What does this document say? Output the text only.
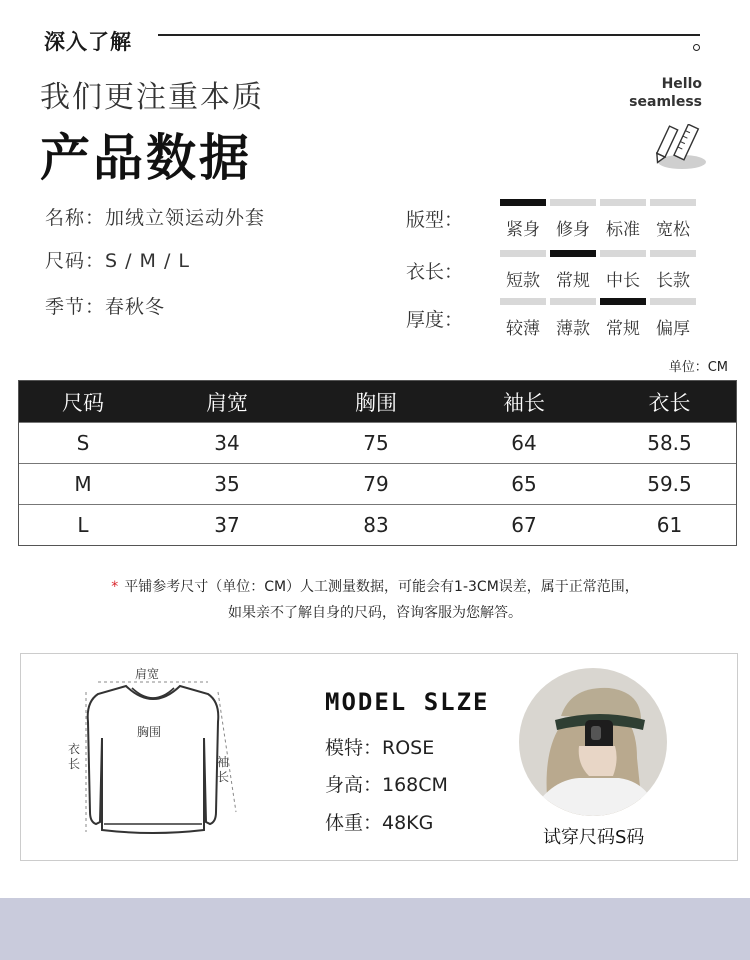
深入了解
我们更注重本质
产品数据
Hello
seamless
名称：加绒立领运动外套
尺码：S / M / L
季节：春秋冬
版型：	紧身 修身 标准 宽松
衣长：	短款 常规 中长 长款
厚度：	较薄 薄款 常规 偏厚
单位：CM
尺码	肩宽	胸围	袖长	衣长
S	34	75	64	58.5
M	35	79	65	59.5
L	37	83	67	61
* 平铺参考尺寸（单位：CM）人工测量数据，可能会有1-3CM误差，属于正常范围，
如果亲不了解自身的尺码，咨询客服为您解答。
肩宽
胸围
衣长	袖长
MODEL SLZE
模特：ROSE
身高：168CM
体重：48KG
试穿尺码S码
